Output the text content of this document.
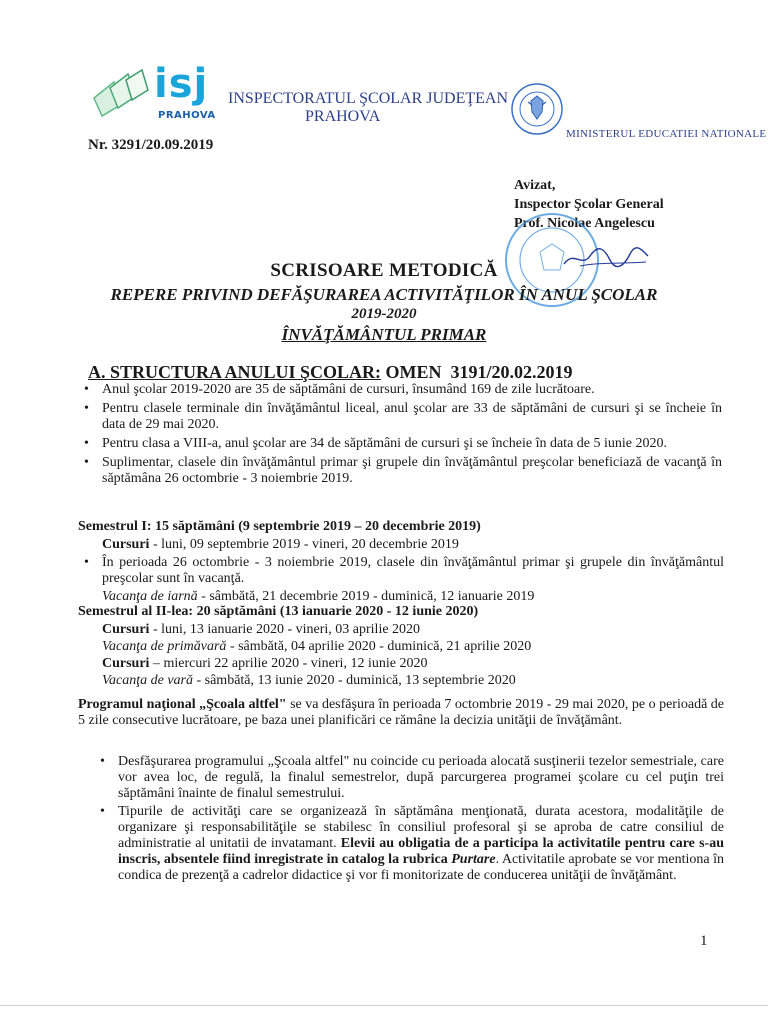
isj
PRAHOVA
INSPECTORATUL ŞCOLAR JUDEŢEAN
PRAHOVA
MINISTERUL EDUCATIEI NATIONALE
Nr. 3291/20.09.2019
Avizat,
Inspector Şcolar General
Prof. Nicolae Angelescu
SCRISOARE METODICĂ
REPERE PRIVIND DEFĂŞURAREA ACTIVITĂŢILOR ÎN ANUL ŞCOLAR
2019-2020
ÎNVĂŢĂMÂNTUL PRIMAR
A. STRUCTURA ANULUI ŞCOLAR: OMEN  3191/20.02.2019
• Anul şcolar 2019-2020 are 35 de săptămâni de cursuri, însumând 169 de zile lucrătoare.
• Pentru clasele terminale din învăţământul liceal, anul şcolar are 33 de săptămâni de cursuri şi se încheie în data de 29 mai 2020.
• Pentru clasa a VIII-a, anul şcolar are 34 de săptămâni de cursuri şi se încheie în data de 5 iunie 2020.
• Suplimentar, clasele din învăţământul primar şi grupele din învăţământul preşcolar beneficiază de vacanţă în săptămâna 26 octombrie - 3 noiembrie 2019.
Semestrul I: 15 săptămâni (9 septembrie 2019 – 20 decembrie 2019)
Cursuri - luni, 09 septembrie 2019 - vineri, 20 decembrie 2019
• În perioada 26 octombrie - 3 noiembrie 2019, clasele din învăţământul primar şi grupele din învăţământul preşcolar sunt în vacanţă.
Vacanţa de iarnă - sâmbătă, 21 decembrie 2019 - duminică, 12 ianuarie 2019
Semestrul al II-lea: 20 săptămâni (13 ianuarie 2020 - 12 iunie 2020)
Cursuri - luni, 13 ianuarie 2020 - vineri, 03 aprilie 2020
Vacanţa de primăvară - sâmbătă, 04 aprilie 2020 - duminică, 21 aprilie 2020
Cursuri – miercuri 22 aprilie 2020 - vineri, 12 iunie 2020
Vacanţa de vară - sâmbătă, 13 iunie 2020 - duminică, 13 septembrie 2020
Programul naţional „Şcoala altfel" se va desfăşura în perioada 7 octombrie 2019 - 29 mai 2020, pe o perioadă de 5 zile consecutive lucrătoare, pe baza unei planificări ce rămâne la decizia unităţii de învăţământ.
• Desfăşurarea programului „Şcoala altfel" nu coincide cu perioada alocată susţinerii tezelor semestriale, care vor avea loc, de regulă, la finalul semestrelor, după parcurgerea programei şcolare cu cel puţin trei săptămâni înainte de finalul semestrului.
• Tipurile de activităţi care se organizează în săptămâna menţionată, durata acestora, modalităţile de organizare şi responsabilităţile se stabilesc în consiliul profesoral şi se aproba de catre consiliul de administratie al unitatii de invatamant. Elevii au obligatia de a participa la activitatile pentru care s-au inscris, absentele fiind inregistrate in catalog la rubrica Purtare. Activitatile aprobate se vor mentiona în condica de prezenţă a cadrelor didactice şi vor fi monitorizate de conducerea unităţii de învăţământ.
1
